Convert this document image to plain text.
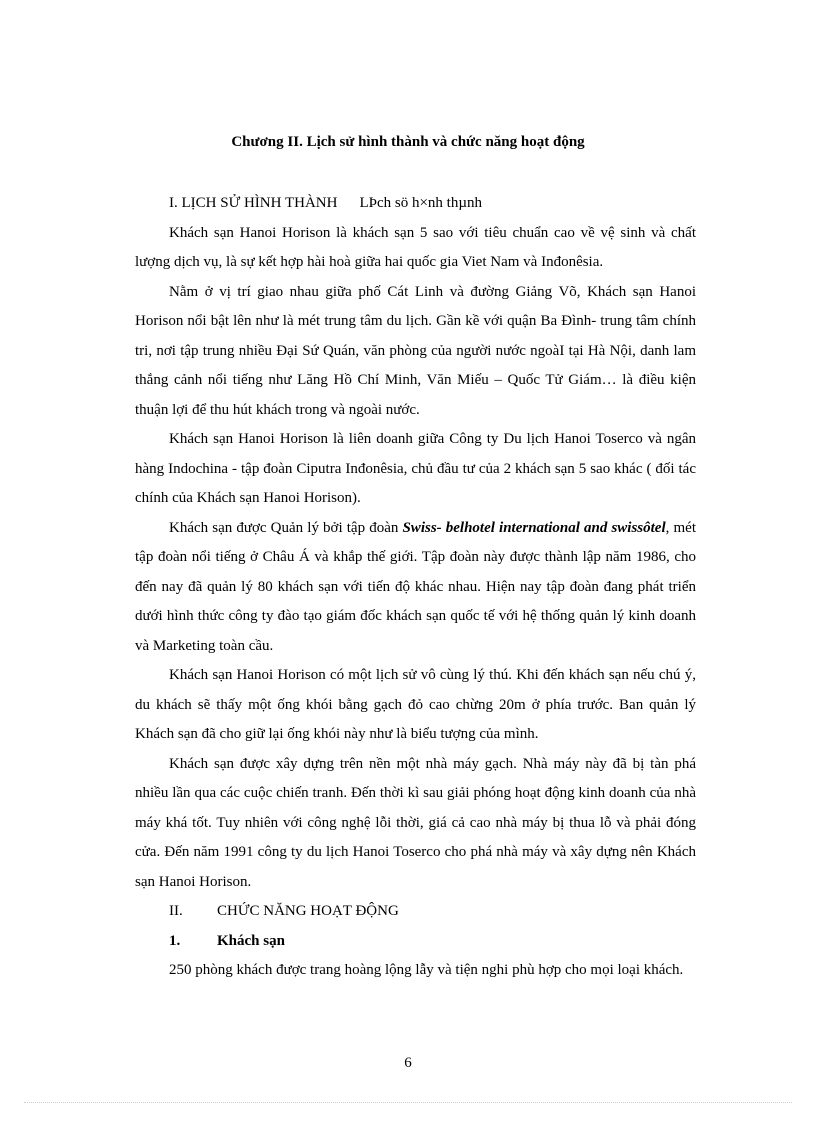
Chương II. Lịch sử hình thành và chức năng hoạt động

I. LỊCH SỬ HÌNH THÀNH LÞch sö h×nh thµnh

Khách sạn Hanoi Horison là khách sạn 5 sao với tiêu chuẩn cao về vệ sinh và chất lượng dịch vụ, là sự kết hợp hài hoà giữa hai quốc gia Viet Nam và Inđonêsia.

Nằm ở vị trí giao nhau giữa phố Cát Linh và đường Giảng Võ, Khách sạn Hanoi Horison nổi bật lên như là mét trung tâm du lịch. Gần kề với quận Ba Đình- trung tâm chính tri, nơi tập trung nhiều Đại Sứ Quán, văn phòng của người nước ngoàI tại Hà Nội, danh lam thắng cảnh nổi tiếng như Lăng Hồ Chí Minh, Văn Miếu – Quốc Tử Giám… là điều kiện thuận lợi để thu hút khách trong và ngoài nước.

Khách sạn Hanoi Horison là liên doanh giữa Công ty Du lịch Hanoi Toserco và ngân hàng Indochina - tập đoàn Ciputra Inđonêsia, chủ đầu tư của 2 khách sạn 5 sao khác ( đối tác chính của Khách sạn Hanoi Horison).

Khách sạn được Quản lý bởi tập đoàn Swiss- belhotel international and swissôtel, mét tập đoàn nổi tiếng ở Châu Á và khắp thế giới. Tập đoàn này được thành lập năm 1986, cho đến nay đã quản lý 80 khách sạn với tiến độ khác nhau. Hiện nay tập đoàn đang phát triển dưới hình thức công ty đào tạo giám đốc khách sạn quốc tế với hệ thống quản lý kinh doanh và Marketing toàn cầu.

Khách sạn Hanoi Horison có một lịch sử vô cùng lý thú. Khi đến khách sạn nếu chú ý, du khách sẽ thấy một ống khói bằng gạch đỏ cao chừng 20m ở phía trước. Ban quản lý Khách sạn đã cho giữ lại ống khói này như là biểu tượng của mình.

Khách sạn được xây dựng trên nền một nhà máy gạch. Nhà máy này đã bị tàn phá nhiều lần qua các cuộc chiến tranh. Đến thời kì sau giải phóng hoạt động kinh doanh của nhà máy khá tốt. Tuy nhiên với công nghệ lỗi thời, giá cả cao nhà máy bị thua lỗ và phải đóng cửa. Đến năm 1991 công ty du lịch Hanoi Toserco cho phá nhà máy và xây dựng nên Khách sạn Hanoi Horison.

II.	CHỨC NĂNG HOẠT ĐỘNG
1.	Khách sạn

250 phòng khách được trang hoàng lộng lẫy và tiện nghi phù hợp cho mọi loại khách.

6
